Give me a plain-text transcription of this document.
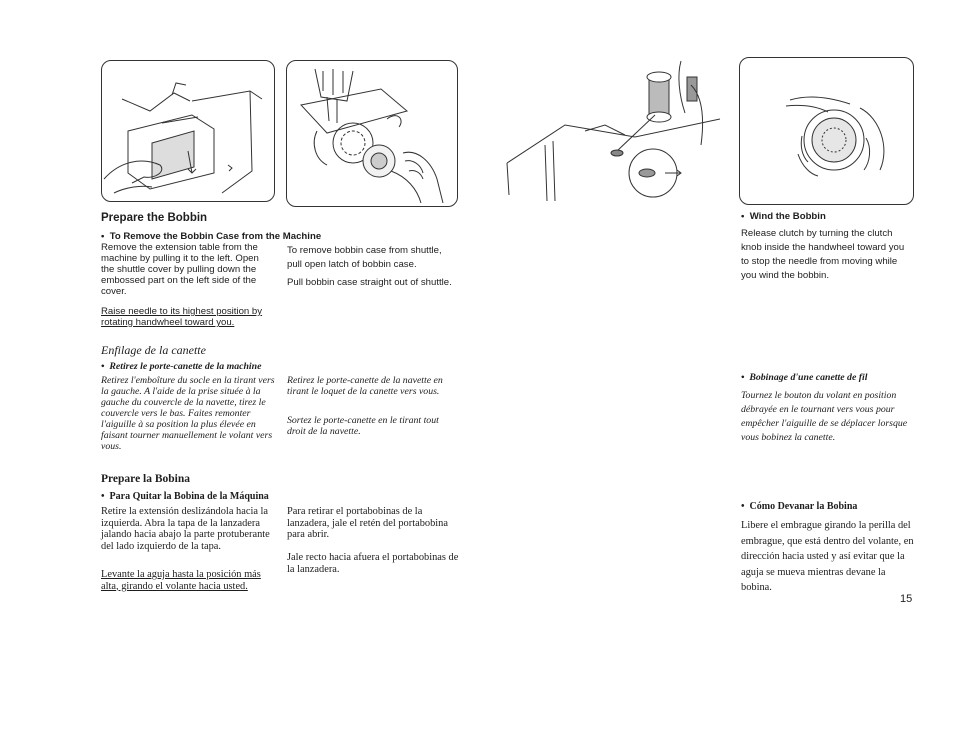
Prepare the Bobbin
•  To Remove the Bobbin Case from the Machine
Remove the extension table from the machine by pulling it to the left. Open the shuttle cover by pulling down the embossed part on the left side of the cover.
Raise needle to its highest position by rotating handwheel toward you.
To remove bobbin case from shuttle, pull open latch of bobbin case.
Pull bobbin case straight out of shuttle.
Enfilage de la canette
•  Retirez le porte-canette de la machine
Retirez l'emboîture du socle en la tirant vers la gauche. A l'aide de la prise située à la gauche du couvercle de la navette, tirez le couvercle vers le bas. Faites remonter l'aiguille à sa position la plus élevée en faisant tourner manuellement le volant vers vous.
Retirez le porte-canette de la navette en tirant le loquet de la canette vers vous.
Sortez le porte-canette en le tirant tout droit de la navette.
Prepare la Bobina
•  Para Quitar la Bobina de la Máquina
Retire la extensión deslizándola hacia la izquierda. Abra la tapa de la lanzadera jalando hacia abajo la parte protuberante del lado izquierdo de la tapa.
Levante la aguja hasta la posición más alta, girando el volante hacia usted.
Para retirar el portabobinas de la lanzadera, jale el retén del portabobina para abrir.
Jale recto hacia afuera el portabobinas de la lanzadera.
•  Wind the Bobbin
Release clutch by turning the clutch knob inside the handwheel toward you to stop the needle from moving while you wind the bobbin.
•  Bobinage d'une canette de fil
Tournez le bouton du volant en position débrayée en le tournant vers vous pour empêcher l'aiguille de se déplacer lorsque vous bobinez la canette.
•  Cómo Devanar la Bobina
Libere el embrague girando la perilla del embrague, que está dentro del volante, en dirección hacia usted y así evitar que la aguja se mueva mientras devane la bobina.
15
